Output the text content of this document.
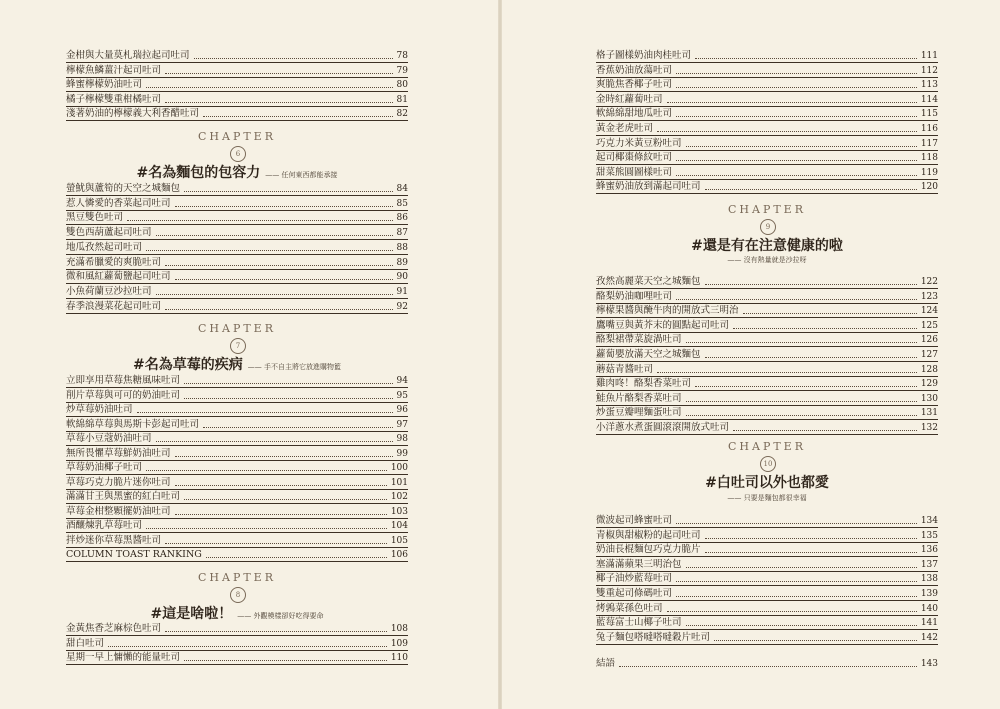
金柑與大量莫札瑞拉起司吐司	78
檸檬魚鱗薑汁起司吐司	79
蜂蜜檸檬奶油吐司	80
橘子檸檬雙重柑橘吐司	81
淺著奶油的檸檬義大利香醋吐司	82
CHAPTER
6
#名為麵包的包容力 —— 任何東西都能承接
螢魷與蘆筍的天空之城麵包	84
惹人憐愛的香菜起司吐司	85
黑豆雙色吐司	86
雙色西葫蘆起司吐司	87
地瓜孜然起司吐司	88
充滿希臘愛的爽脆吐司	89
微和風紅蘿蔔鹽起司吐司	90
小魚荷蘭豆沙拉吐司	91
春季浪漫菜花起司吐司	92
CHAPTER
7
#名為草莓的疾病 —— 手不自主將它放進購物籃
立即享用草莓焦糖風味吐司	94
削片草莓與可可的奶油吐司	95
炒草莓奶油吐司	96
軟綿綿草莓與馬斯卡彭起司吐司	97
草莓小豆蔻奶油吐司	98
無所畏懼草莓鮮奶油吐司	99
草莓奶油椰子吐司	100
草莓巧克力脆片迷你吐司	101
滿滿甘王與黑蜜的紅白吐司	102
草莓金柑整顆擺奶油吐司	103
酒釀煉乳草莓吐司	104
拌炒迷你草莓黑醬吐司	105
COLUMN TOAST RANKING	106
CHAPTER
8
#這是啥啦！ —— 外觀模樣卻好吃得要命
金黃焦香芝麻棕色吐司	108
甜白吐司	109
星期一早上慵懶的能量吐司	110
格子圖樣奶油肉桂吐司	111
香蕉奶油放蕩吐司	112
爽脆焦香椰子吐司	113
金時紅蘿蔔吐司	114
軟綿綿甜地瓜吐司	115
黃金老虎吐司	116
巧克力米黃豆粉吐司	117
起司椰棗條紋吐司	118
甜菜熊圓圖樣吐司	119
蜂蜜奶油放到滿起司吐司	120
CHAPTER
9
#還是有在注意健康的啦
—— 沒有熱量就是沙拉呀
孜然高麗菜天空之城麵包	122
酪梨奶油咖哩吐司	123
檸檬果醬與醃牛肉的開放式三明治	124
鷹嘴豆與黃芥末的圓點起司吐司	125
酪梨裙帶菜旋渦吐司	126
蘿蔔嬰放滿天空之城麵包	127
蘑菇青醬吐司	128
雞肉咚！酪梨香菜吐司	129
鮭魚片酪梨香菜吐司	130
炒蛋豆瓣哩麵蛋吐司	131
小洋蔥水煮蛋圓滾滾開放式吐司	132
CHAPTER
10
#白吐司以外也都愛
—— 只要是麵包都很幸福
微波起司蜂蜜吐司	134
青椒與甜椒粉的起司吐司	135
奶油長棍麵包巧克力脆片	136
塞滿滿蘋果三明治包	137
椰子油炒藍莓吐司	138
雙重起司條碼吐司	139
烤鶉菜孫色吐司	140
藍莓富士山椰子吐司	141
兔子麵包嗒噠嗒噠穀片吐司	142
結語	143
